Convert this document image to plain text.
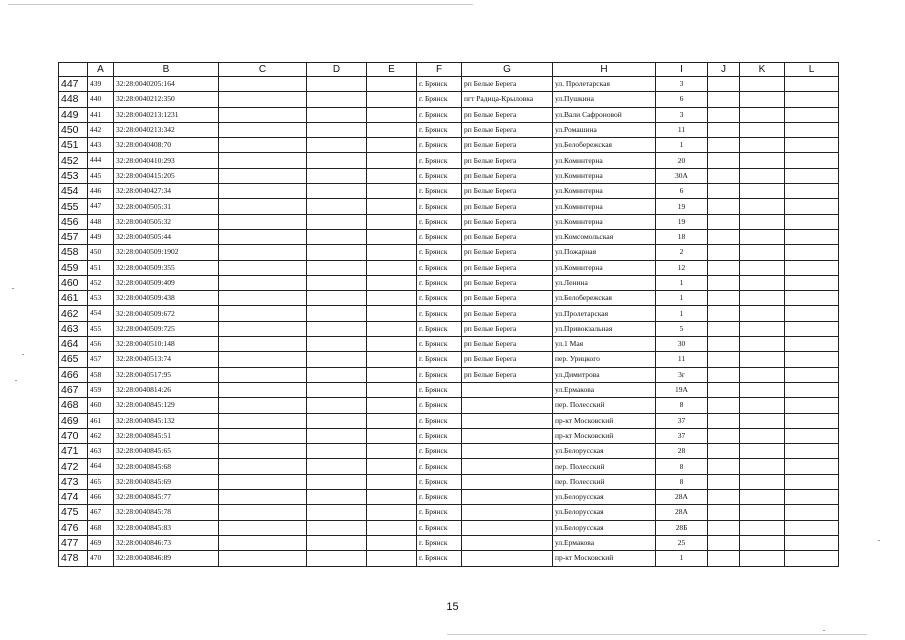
	A	B	C	D	E	F	G	H	I	J	K	L
447	439	32:28:0040205:164				г. Брянск	рп Белые Берега	ул. Пролетарская	3			
448	440	32:28:0040212:350				г. Брянск	пгт Радица-Крыловка	ул.Пушкина	6			
449	441	32:28:0040213:1231				г. Брянск	рп Белые Берега	ул.Вали Сафроновой	3			
450	442	32:28:0040213:342				г. Брянск	рп Белые Берега	ул.Ромашина	11			
451	443	32:28:0040408:70				г. Брянск	рп Белые Берега	ул.Белобережская	1			
452	444	32:28:0040410:293				г. Брянск	рп Белые Берега	ул.Коминтерна	20			
453	445	32:28:0040415:205				г. Брянск	рп Белые Берега	ул.Коминтерна	30А			
454	446	32:28:0040427:34				г. Брянск	рп Белые Берега	ул.Коминтерна	6			
455	447	32:28:0040505:31				г. Брянск	рп Белые Берега	ул.Коминтерна	19			
456	448	32:28:0040505:32				г. Брянск	рп Белые Берега	ул.Коминтерна	19			
457	449	32:28:0040505:44				г. Брянск	рп Белые Берега	ул.Комсомольская	18			
458	450	32:28:0040509:1902				г. Брянск	рп Белые Берега	ул.Пожарная	2			
459	451	32:28:0040509:355				г. Брянск	рп Белые Берега	ул.Коминтерна	12			
460	452	32:28:0040509:409				г. Брянск	рп Белые Берега	ул.Ленина	1			
461	453	32:28:0040509:438				г. Брянск	рп Белые Берега	ул.Белобережская	1			
462	454	32:28:0040509:672				г. Брянск	рп Белые Берега	ул.Пролетарская	1			
463	455	32:28:0040509:725				г. Брянск	рп Белые Берега	ул.Привокзальная	5			
464	456	32:28:0040510:148				г. Брянск	рп Белые Берега	ул.1 Мая	30			
465	457	32:28:0040513:74				г. Брянск	рп Белые Берега	пер. Урицкого	11			
466	458	32:28:0040517:95				г. Брянск	рп Белые Берега	ул.Димитрова	3г			
467	459	32:28:0040814:26				г. Брянск		ул.Ермакова	19А			
468	460	32:28:0040845:129				г. Брянск		пер. Полесский	8			
469	461	32:28:0040845:132				г. Брянск		пр-кт Московский	37			
470	462	32:28:0040845:51				г. Брянск		пр-кт Московский	37			
471	463	32:28:0040845:65				г. Брянск		ул.Белорусская	28			
472	464	32:28:0040845:68				г. Брянск		пер. Полесский	8			
473	465	32:28:0040845:69				г. Брянск		пер. Полесский	8			
474	466	32:28:0040845:77				г. Брянск		ул.Белорусская	28А			
475	467	32:28:0040845:78				г. Брянск		ул.Белорусская	28А			
476	468	32:28:0040845:83				г. Брянск		ул.Белорусская	28Б			
477	469	32:28:0040846:73				г. Брянск		ул.Ермакова	25			
478	470	32:28:0040846:89				г. Брянск		пр-кт Московский	1			
15
